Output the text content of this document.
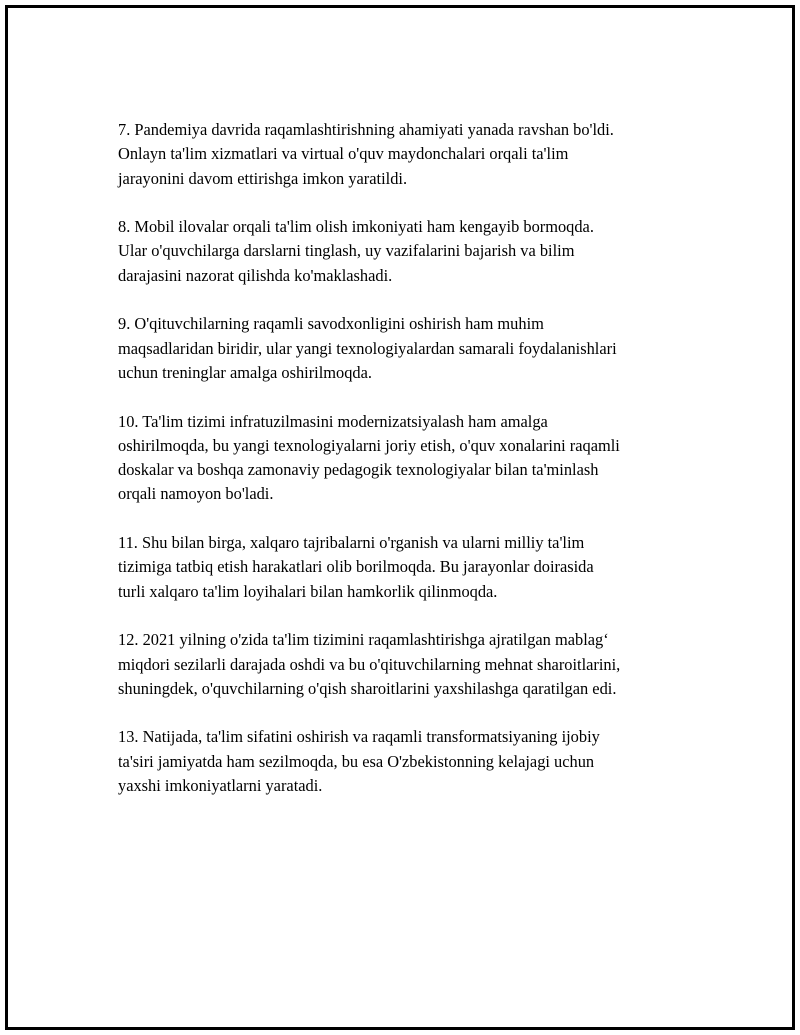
7. Pandemiya davrida raqamlashtirishning ahamiyati yanada ravshan bo'ldi.
Onlayn ta'lim xizmatlari va virtual o'quv maydonchalari orqali ta'lim
jarayonini davom ettirishga imkon yaratildi.

8. Mobil ilovalar orqali ta'lim olish imkoniyati ham kengayib bormoqda.
Ular o'quvchilarga darslarni tinglash, uy vazifalarini bajarish va bilim
darajasini nazorat qilishda ko'maklashadi.

9. O'qituvchilarning raqamli savodxonligini oshirish ham muhim
maqsadlaridan biridir, ular yangi texnologiyalardan samarali foydalanishlari
uchun treninglar amalga oshirilmoqda.

10. Ta'lim tizimi infratuzilmasini modernizatsiyalash ham amalga
oshirilmoqda, bu yangi texnologiyalarni joriy etish, o'quv xonalarini raqamli
doskalar va boshqa zamonaviy pedagogik texnologiyalar bilan ta'minlash
orqali namoyon bo'ladi.

11. Shu bilan birga, xalqaro tajribalarni o'rganish va ularni milliy ta'lim
tizimiga tatbiq etish harakatlari olib borilmoqda. Bu jarayonlar doirasida
turli xalqaro ta'lim loyihalari bilan hamkorlik qilinmoqda.

12. 2021 yilning o'zida ta'lim tizimini raqamlashtirishga ajratilgan mablag‘
miqdori sezilarli darajada oshdi va bu o'qituvchilarning mehnat sharoitlarini,
shuningdek, o'quvchilarning o'qish sharoitlarini yaxshilashga qaratilgan edi.

13. Natijada, ta'lim sifatini oshirish va raqamli transformatsiyaning ijobiy
ta'siri jamiyatda ham sezilmoqda, bu esa O'zbekistonning kelajagi uchun
yaxshi imkoniyatlarni yaratadi.
